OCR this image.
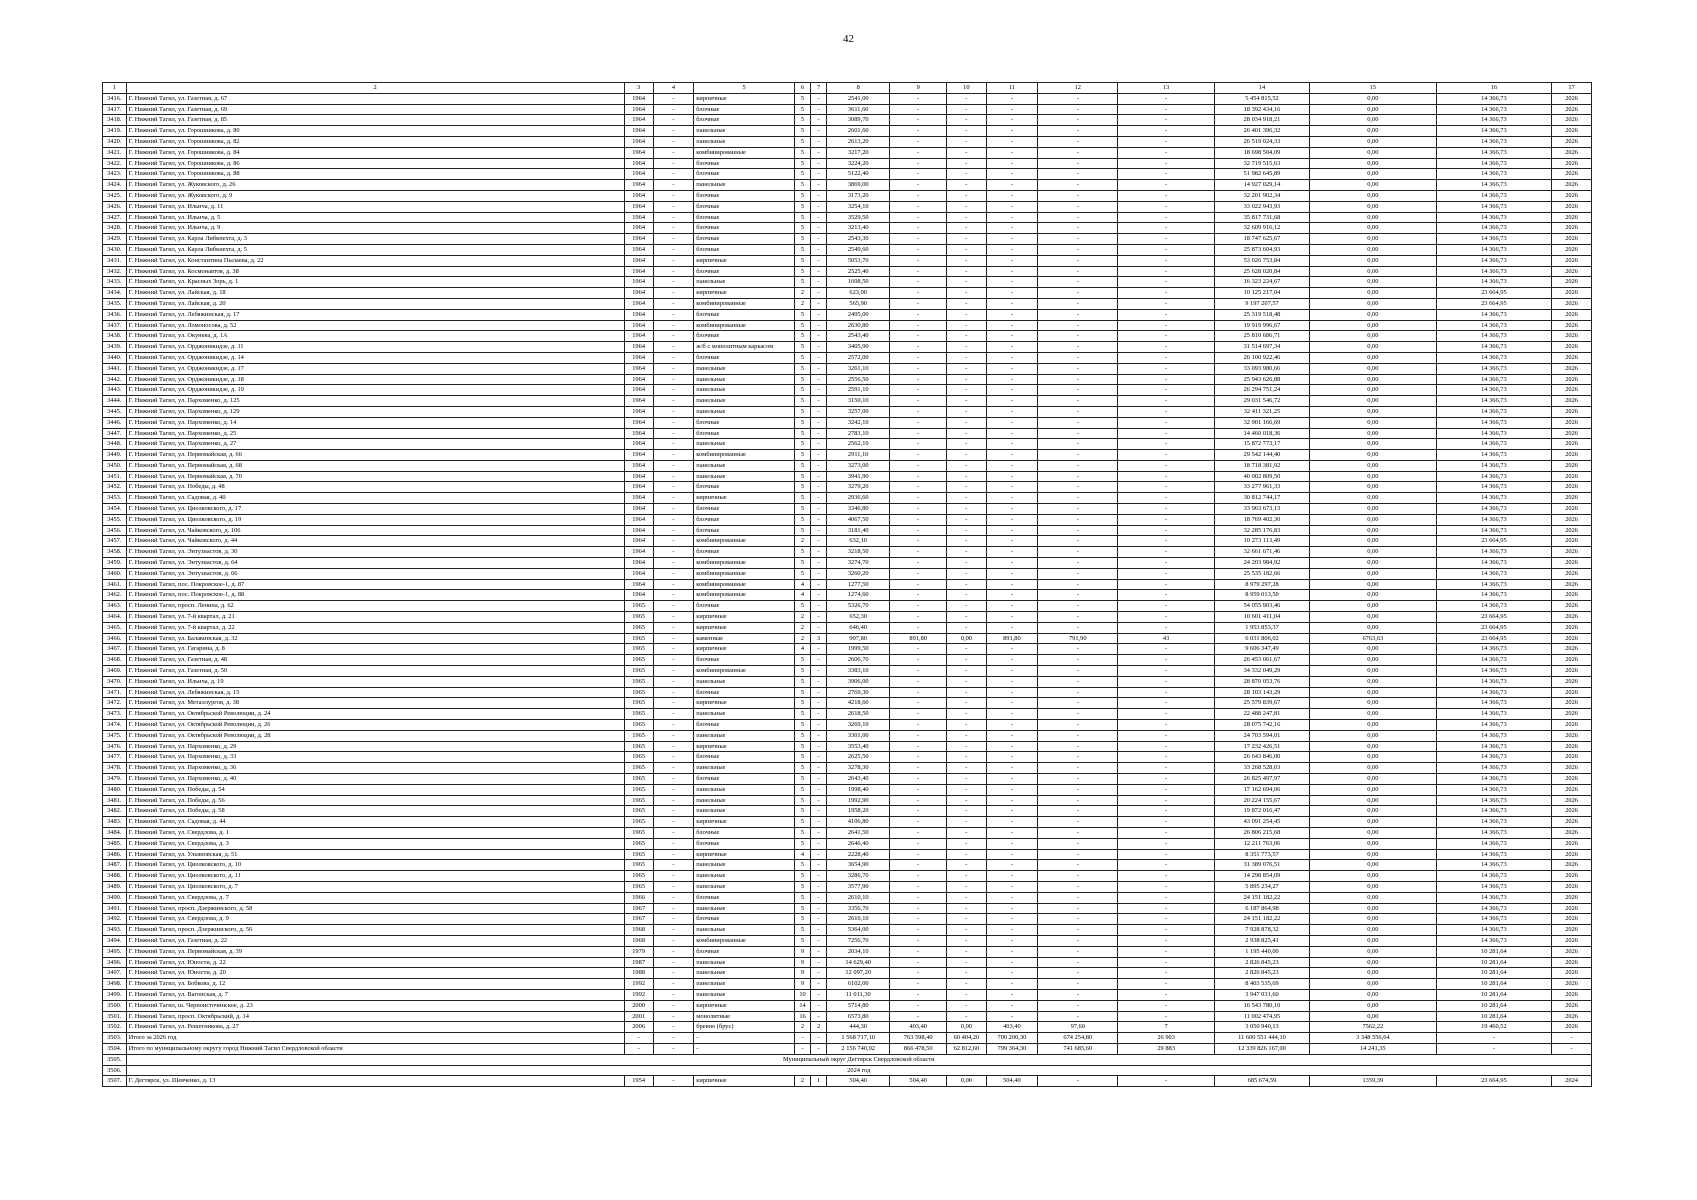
42
1	2	3	4	5	6	7	8	9	10	11	12	13	14	15	16	17
3416.	Г. Нижний Тагил, ул. Газетная, д. 67	1964	-	кирпичные	5	-	2541,00	-	-	-	-	-	5 454 815,52	0,00	14 366,73	2026
3417.	Г. Нижний Тагил, ул. Газетная, д. 69	1964	-	блочные	5	-	3611,60	-	-	-	-	-	18 392 434,16	0,00	14 366,73	2026
3418.	Г. Нижний Тагил, ул. Газетная, д. 85	1964	-	блочные	5	-	3089,70	-	-	-	-	-	28 034 918,21	0,00	14 366,73	2026
3419.	Г. Нижний Тагил, ул. Горошникова, д. 80	1964	-	панельные	5	-	2601,60	-	-	-	-	-	26 401 396,32	0,00	14 366,73	2026
3420.	Г. Нижний Тагил, ул. Горошникова, д. 82	1964	-	панельные	5	-	2613,20	-	-	-	-	-	26 519 024,33	0,00	14 366,73	2026
3421.	Г. Нижний Тагил, ул. Горошникова, д. 84	1964	-	комбинированные	5	-	3217,20	-	-	-	-	-	18 698 504,09	0,00	14 366,73	2026
3422.	Г. Нижний Тагил, ул. Горошникова, д. 86	1964	-	блочные	5	-	3224,20	-	-	-	-	-	32 719 515,63	0,00	14 366,73	2026
3423.	Г. Нижний Тагил, ул. Горошникова, д. 88	1964	-	блочные	5	-	5122,40	-	-	-	-	-	51 982 645,89	0,00	14 366,73	2026
3424.	Г. Нижний Тагил, ул. Жуковского, д. 26	1964	-	панельные	5	-	3869,00	-	-	-	-	-	14 927 029,14	0,00	14 366,73	2026
3425.	Г. Нижний Тагил, ул. Жуковского, д. 9	1964	-	блочные	5	-	3173,20	-	-	-	-	-	32 201 902,34	0,00	14 366,73	2026
3426.	Г. Нижний Тагил, ул. Ильича, д. 11	1964	-	блочные	5	-	3254,10	-	-	-	-	-	33 022 943,93	0,00	14 366,73	2026
3427.	Г. Нижний Тагил, ул. Ильича, д. 5	1964	-	блочные	5	-	3529,50	-	-	-	-	-	35 817 731,68	0,00	14 366,73	2026
3428.	Г. Нижний Тагил, ул. Ильича, д. 9	1964	-	блочные	5	-	3213,40	-	-	-	-	-	32 609 916,12	0,00	14 366,73	2026
3429.	Г. Нижний Тагил, ул. Карла Либкнехта, д. 3	1964	-	блочные	5	-	2543,30	-	-	-	-	-	18 747 625,67	0,00	14 366,73	2026
3430.	Г. Нижний Тагил, ул. Карла Либкнехта, д. 5	1964	-	блочные	5	-	2549,60	-	-	-	-	-	25 873 604,93	0,00	14 366,73	2026
3431.	Г. Нижний Тагил, ул. Константина Пылаева, д. 22	1964	-	кирпичные	5	-	5053,70	-	-	-	-	-	53 026 753,84	0,00	14 366,73	2026
3432.	Г. Нижний Тагил, ул. Космонавтов, д. 38	1964	-	блочные	5	-	2525,40	-	-	-	-	-	25 628 020,84	0,00	14 366,73	2026
3433.	Г. Нижний Тагил, ул. Красных Зорь, д. 1	1964	-	панельные	5	-	1608,50	-	-	-	-	-	16 323 224,67	0,00	14 366,73	2026
3434.	Г. Нижний Тагил, ул. Лайская, д. 18	1964	-	кирпичные	2	-	623,00	-	-	-	-	-	10 125 217,04	0,00	23 664,95	2026
3435.	Г. Нижний Тагил, ул. Лайская, д. 20	1964	-	комбинированные	2	-	565,90	-	-	-	-	-	9 197 207,57	0,00	23 664,95	2026
3436.	Г. Нижний Тагил, ул. Лебяжинская, д. 17	1964	-	блочные	5	-	2495,00	-	-	-	-	-	25 319 518,48	0,00	14 366,73	2026
3437.	Г. Нижний Тагил, ул. Ломоносова, д. 52	1964	-	комбинированные	5	-	2630,80	-	-	-	-	-	19 919 996,67	0,00	14 366,73	2026
3438.	Г. Нижний Тагил, ул. Окунева, д. 1А	1964	-	блочные	5	-	2543,40	-	-	-	-	-	25 810 686,71	0,00	14 366,73	2026
3439.	Г. Нижний Тагил, ул. Орджоникидзе, д. 11	1964	-	ж/б с монолитным каркасом	5	-	3405,90	-	-	-	-	-	31 514 697,34	0,00	14 366,73	2026
3440.	Г. Нижний Тагил, ул. Орджоникидзе, д. 14	1964	-	блочные	5	-	2572,00	-	-	-	-	-	26 100 922,46	0,00	14 366,73	2026
3441.	Г. Нижний Тагил, ул. Орджоникидзе, д. 17	1964	-	панельные	5	-	3261,10	-	-	-	-	-	33 093 980,66	0,00	14 366,73	2026
3442.	Г. Нижний Тагил, ул. Орджоникидзе, д. 18	1964	-	панельные	5	-	2556,50	-	-	-	-	-	25 943 626,88	0,00	14 366,73	2026
3443.	Г. Нижний Тагил, ул. Орджоникидзе, д. 19	1964	-	панельные	5	-	2591,10	-	-	-	-	-	26 294 751,24	0,00	14 366,73	2026
3444.	Г. Нижний Тагил, ул. Пархоменко, д. 125	1964	-	панельные	5	-	3150,10	-	-	-	-	-	29 031 546,72	0,00	14 366,73	2026
3445.	Г. Нижний Тагил, ул. Пархоменко, д. 129	1964	-	панельные	5	-	3257,00	-	-	-	-	-	32 411 321,25	0,00	14 366,73	2026
3446.	Г. Нижний Тагил, ул. Пархоменко, д. 14	1964	-	блочные	5	-	3242,10	-	-	-	-	-	32 901 166,69	0,00	14 366,73	2026
3447.	Г. Нижний Тагил, ул. Пархоменко, д. 25	1964	-	блочные	5	-	2783,10	-	-	-	-	-	14 460 018,36	0,00	14 366,73	2026
3448.	Г. Нижний Тагил, ул. Пархоменко, д. 27	1964	-	панельные	5	-	2562,10	-	-	-	-	-	15 872 773,17	0,00	14 366,73	2026
3449.	Г. Нижний Тагил, ул. Первомайская, д. 66	1964	-	комбинированные	5	-	2911,10	-	-	-	-	-	29 542 144,40	0,00	14 366,73	2026
3450.	Г. Нижний Тагил, ул. Первомайская, д. 68	1964	-	панельные	5	-	3273,00	-	-	-	-	-	18 718 381,92	0,00	14 366,73	2026
3451.	Г. Нижний Тагил, ул. Первомайская, д. 70	1964	-	панельные	5	-	3941,90	-	-	-	-	-	40 002 809,50	0,00	14 366,73	2026
3452.	Г. Нижний Тагил, ул. Победы, д. 48	1964	-	блочные	5	-	3279,20	-	-	-	-	-	33 277 961,33	0,00	14 366,73	2026
3453.	Г. Нижний Тагил, ул. Садовая, д. 40	1964	-	кирпичные	5	-	2936,60	-	-	-	-	-	30 812 744,17	0,00	14 366,73	2026
3454.	Г. Нижний Тагил, ул. Циолковского, д. 17	1964	-	блочные	5	-	3346,80	-	-	-	-	-	33 963 673,13	0,00	14 366,73	2026
3455.	Г. Нижний Тагил, ул. Циолковского, д. 19	1964	-	блочные	5	-	4067,50	-	-	-	-	-	18 769 402,30	0,00	14 366,73	2026
3456.	Г. Нижний Тагил, ул. Чайковского, д. 106	1964	-	блочные	5	-	3181,40	-	-	-	-	-	32 285 176,83	0,00	14 366,73	2026
3457.	Г. Нижний Тагил, ул. Чайковского, д. 44	1964	-	комбинированные	2	-	632,10	-	-	-	-	-	10 273 113,49	0,00	23 664,95	2026
3458.	Г. Нижний Тагил, ул. Энтузиастов, д. 30	1964	-	блочные	5	-	3218,50	-	-	-	-	-	32 661 671,46	0,00	14 366,73	2026
3459.	Г. Нижний Тагил, ул. Энтузиастов, д. 64	1964	-	комбинированные	5	-	3274,70	-	-	-	-	-	24 203 984,92	0,00	14 366,73	2026
3460.	Г. Нижний Тагил, ул. Энтузиастов, д. 66	1964	-	комбинированные	5	-	3260,20	-	-	-	-	-	25 535 182,66	0,00	14 366,73	2026
3461.	Г. Нижний Тагил, пос. Покровское-1, д. 87	1964	-	комбинированные	4	-	1277,50	-	-	-	-	-	8 979 297,28	0,00	14 366,73	2026
3462.	Г. Нижний Тагил, пос. Покровское-1, д. 88	1964	-	комбинированные	4	-	1274,60	-	-	-	-	-	8 959 013,50	0,00	14 366,73	2026
3463.	Г. Нижний Тагил, просп. Ленина, д. 62	1965	-	блочные	5	-	5326,70	-	-	-	-	-	54 055 903,46	0,00	14 366,73	2026
3464.	Г. Нижний Тагил, ул. 7-й квартал, д. 21	1965	-	кирпичные	2	-	652,30	-	-	-	-	-	10 601 411,04	0,00	23 664,95	2026
3465.	Г. Нижний Тагил, ул. 7-й квартал, д. 22	1965	-	кирпичные	2	-	646,40	-	-	-	-	-	1 953 853,37	0,00	23 664,95	2026
3466.	Г. Нижний Тагил, ул. Балакинская, д. 32	1965	-	каменные	2	3	997,80	891,80	0,00	891,80	791,90	43	6 031 806,02	6763,63	23 664,95	2026
3467.	Г. Нижний Тагил, ул. Гагарина, д. 8	1965	-	кирпичные	4	-	1999,50	-	-	-	-	-	9 606 347,49	0,00	14 366,73	2026
3468.	Г. Нижний Тагил, ул. Газетная, д. 48	1965	-	блочные	5	-	2606,70	-	-	-	-	-	26 453 061,67	0,00	14 366,73	2026
3469.	Г. Нижний Тагил, ул. Газетная, д. 50	1965	-	комбинированные	5	-	3383,10	-	-	-	-	-	34 332 049,29	0,00	14 366,73	2026
3470.	Г. Нижний Тагил, ул. Ильича, д. 19	1965	-	панельные	5	-	3906,00	-	-	-	-	-	28 870 053,76	0,00	14 366,73	2026
3471.	Г. Нижний Тагил, ул. Лебяжинская, д. 15	1965	-	блочные	5	-	2769,30	-	-	-	-	-	28 103 143,29	0,00	14 366,73	2026
3472.	Г. Нижний Тагил, ул. Металлургов, д. 38	1965	-	кирпичные	5	-	4218,60	-	-	-	-	-	25 579 839,67	0,00	14 366,73	2026
3473.	Г. Нижний Тагил, ул. Октябрьской Революции, д. 24	1965	-	панельные	5	-	2618,50	-	-	-	-	-	22 488 247,81	0,00	14 366,73	2026
3474.	Г. Нижний Тагил, ул. Октябрьской Революции, д. 26	1965	-	блочные	5	-	3269,10	-	-	-	-	-	28 075 742,16	0,00	14 366,73	2026
3475.	Г. Нижний Тагил, ул. Октябрьской Революции, д. 28	1965	-	панельные	5	-	3301,00	-	-	-	-	-	24 703 594,01	0,00	14 366,73	2026
3476.	Г. Нижний Тагил, ул. Пархоменко, д. 29	1965	-	кирпичные	5	-	3553,40	-	-	-	-	-	17 232 426,51	0,00	14 366,73	2026
3477.	Г. Нижний Тагил, ул. Пархоменко, д. 33	1965	-	блочные	5	-	2625,50	-	-	-	-	-	26 643 846,00	0,00	14 366,73	2026
3478.	Г. Нижний Тагил, ул. Пархоменко, д. 36	1965	-	панельные	5	-	3278,30	-	-	-	-	-	33 268 528,03	0,00	14 366,73	2026
3479.	Г. Нижний Тагил, ул. Пархоменко, д. 40	1965	-	блочные	5	-	2643,40	-	-	-	-	-	26 825 497,97	0,00	14 366,73	2026
3480.	Г. Нижний Тагил, ул. Победы, д. 54	1965	-	панельные	5	-	1998,40	-	-	-	-	-	17 162 694,06	0,00	14 366,73	2026
3481.	Г. Нижний Тагил, ул. Победы, д. 56	1965	-	панельные	5	-	1992,90	-	-	-	-	-	20 224 155,67	0,00	14 366,73	2026
3482.	Г. Нижний Тагил, ул. Победы, д. 58	1965	-	панельные	5	-	1958,20	-	-	-	-	-	19 872 016,47	0,00	14 366,73	2026
3483.	Г. Нижний Тагил, ул. Садовая, д. 44	1965	-	кирпичные	5	-	4106,80	-	-	-	-	-	43 091 254,45	0,00	14 366,73	2026
3484.	Г. Нижний Тагил, ул. Свердлова, д. 1	1965	-	блочные	5	-	2641,50	-	-	-	-	-	26 806 215,68	0,00	14 366,73	2026
3485.	Г. Нижний Тагил, ул. Свердлова, д. 3	1965	-	блочные	5	-	2646,40	-	-	-	-	-	12 211 763,06	0,00	14 366,73	2026
3486.	Г. Нижний Тагил, ул. Ульяновская, д. 51	1965	-	кирпичные	4	-	2228,40	-	-	-	-	-	8 351 773,57	0,00	14 366,73	2026
3487.	Г. Нижний Тагил, ул. Циолковского, д. 10	1965	-	панельные	5	-	3654,90	-	-	-	-	-	31 389 076,51	0,00	14 366,73	2026
3488.	Г. Нижний Тагил, ул. Циолковского, д. 11	1965	-	панельные	5	-	3286,70	-	-	-	-	-	14 298 854,09	0,00	14 366,73	2026
3489.	Г. Нижний Тагил, ул. Циолковского, д. 7	1965	-	панельные	5	-	3577,90	-	-	-	-	-	5 895 234,27	0,00	14 366,73	2026
3490.	Г. Нижний Тагил, ул. Свердлова, д. 7	1966	-	блочные	5	-	2610,10	-	-	-	-	-	24 151 182,22	0,00	14 366,73	2026
3491.	Г. Нижний Тагил, просп. Дзержинского, д. 58	1967	-	панельные	5	-	3356,70	-	-	-	-	-	6 187 864,98	0,00	14 366,73	2026
3492.	Г. Нижний Тагил, ул. Свердлова, д. 9	1967	-	блочные	5	-	2610,10	-	-	-	-	-	24 151 182,22	0,00	14 366,73	2026
3493.	Г. Нижний Тагил, просп. Дзержинского, д. 56	1968	-	панельные	5	-	5364,00	-	-	-	-	-	7 928 878,32	0,00	14 366,73	2026
3494.	Г. Нижний Тагил, ул. Газетная, д. 22	1968	-	комбинированные	5	-	7256,70	-	-	-	-	-	2 938 825,41	0,00	14 366,73	2026
3495.	Г. Нижний Тагил, ул. Первомайская, д. 39	1979	-	блочные	9	-	2034,10	-	-	-	-	-	1 195 440,00	0,00	10 281,64	2026
3496.	Г. Нижний Тагил, ул. Юности, д. 22	1987	-	панельные	9	-	14 629,40	-	-	-	-	-	2 826 845,23	0,00	10 281,64	2026
3497.	Г. Нижний Тагил, ул. Юности, д. 20	1988	-	панельные	9	-	12 097,20	-	-	-	-	-	2 826 845,23	0,00	10 281,64	2026
3498.	Г. Нижний Тагил, ул. Бобкова, д. 12	1992	-	панельные	9	-	6102,00	-	-	-	-	-	8 403 535,69	0,00	10 281,64	2026
3499.	Г. Нижний Тагил, ул. Вагонская, д. 7	1992	-	панельные	10	-	11 011,30	-	-	-	-	-	3 947 031,60	0,00	10 281,64	2026
3500.	Г. Нижний Тагил, ш. Черноисточинское, д. 23	2000	-	кирпичные	14	-	5714,80	-	-	-	-	-	16 543 780,10	0,00	10 281,64	2026
3501.	Г. Нижний Тагил, просп. Октябрьский, д. 14	2001	-	монолитные	16	-	6573,80	-	-	-	-	-	11 002 474,95	0,00	10 281,64	2026
3502.	Г. Нижний Тагил, ул. Решетникова, д. 27	2006	-	бревно (брус)	2	2	444,30	403,40	0,00	403,40	97,60	7	3 050 940,13	7562,22	19 460,52	2026
3503.	Итого за 2026 год	-	-	-	-	-	1 568 717,10	763 598,40	60 404,20	700 200,30	674 254,80	26 903	11 600 551 444,10	3 348 556,64	-	-
3504.	Итого по муниципальному округу город Нижний Тагил Свердловской области	-	-	-	-	-	2 156 740,92	866 478,50	62 812,60	799 364,30	741 685,60	29 883	12 339 826 167,00	14 241,35	-	-
3505.	Муниципальный округ Дегтярск Свердловской области															
3506.	2024 год															
3507.	Г. Дегтярск, ул. Шевченко, д. 13	1954	-	кирпичные	2	1	504,40	504,40	0,00	504,40	-	-	685 674,59	1359,39	23 664,95	2024
